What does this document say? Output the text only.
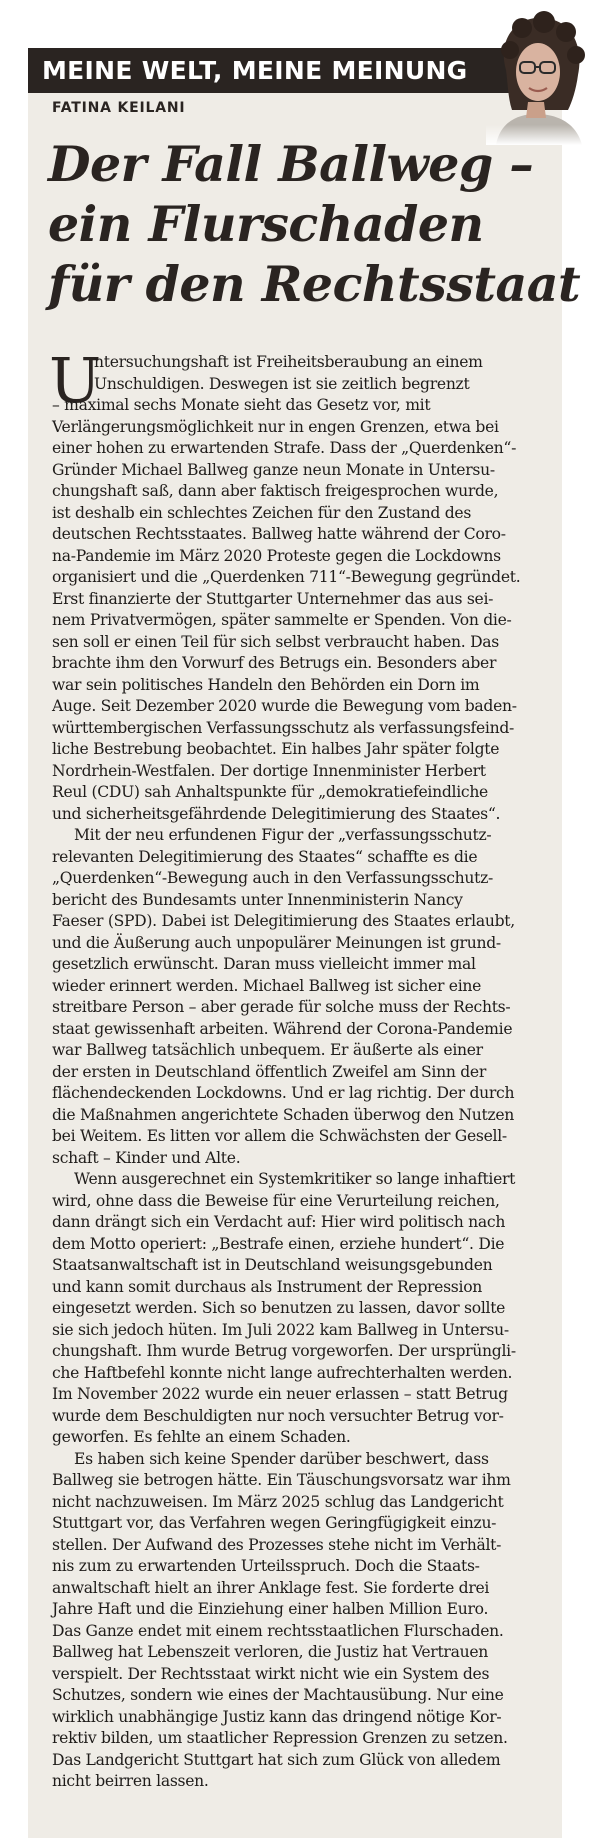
MEINE WELT, MEINE MEINUNG
FATINA KEILANI
Der Fall Ballweg –
ein Flurschaden
für den Rechtsstaat
U
ntersuchungshaft ist Freiheitsberaubung an einem
Unschuldigen. Deswegen ist sie zeitlich begrenzt
– maximal sechs Monate sieht das Gesetz vor, mit
Verlängerungsmöglichkeit nur in engen Grenzen, etwa bei
einer hohen zu erwartenden Strafe. Dass der „Querdenken“-
Gründer Michael Ballweg ganze neun Monate in Untersu-
chungshaft saß, dann aber faktisch freigesprochen wurde,
ist deshalb ein schlechtes Zeichen für den Zustand des
deutschen Rechtsstaates. Ballweg hatte während der Coro-
na-Pandemie im März 2020 Proteste gegen die Lockdowns
organisiert und die „Querdenken 711“-Bewegung gegründet.
Erst finanzierte der Stuttgarter Unternehmer das aus sei-
nem Privatvermögen, später sammelte er Spenden. Von die-
sen soll er einen Teil für sich selbst verbraucht haben. Das
brachte ihm den Vorwurf des Betrugs ein. Besonders aber
war sein politisches Handeln den Behörden ein Dorn im
Auge. Seit Dezember 2020 wurde die Bewegung vom baden-
württembergischen Verfassungsschutz als verfassungsfeind-
liche Bestrebung beobachtet. Ein halbes Jahr später folgte
Nordrhein-Westfalen. Der dortige Innenminister Herbert
Reul (CDU) sah Anhaltspunkte für „demokratiefeindliche
und sicherheitsgefährdende Delegitimierung des Staates“.
Mit der neu erfundenen Figur der „verfassungsschutz-
relevanten Delegitimierung des Staates“ schaffte es die
„Querdenken“-Bewegung auch in den Verfassungsschutz-
bericht des Bundesamts unter Innenministerin Nancy
Faeser (SPD). Dabei ist Delegitimierung des Staates erlaubt,
und die Äußerung auch unpopulärer Meinungen ist grund-
gesetzlich erwünscht. Daran muss vielleicht immer mal
wieder erinnert werden. Michael Ballweg ist sicher eine
streitbare Person – aber gerade für solche muss der Rechts-
staat gewissenhaft arbeiten. Während der Corona-Pandemie
war Ballweg tatsächlich unbequem. Er äußerte als einer
der ersten in Deutschland öffentlich Zweifel am Sinn der
flächendeckenden Lockdowns. Und er lag richtig. Der durch
die Maßnahmen angerichtete Schaden überwog den Nutzen
bei Weitem. Es litten vor allem die Schwächsten der Gesell-
schaft – Kinder und Alte.
Wenn ausgerechnet ein Systemkritiker so lange inhaftiert
wird, ohne dass die Beweise für eine Verurteilung reichen,
dann drängt sich ein Verdacht auf: Hier wird politisch nach
dem Motto operiert: „Bestrafe einen, erziehe hundert“. Die
Staatsanwaltschaft ist in Deutschland weisungsgebunden
und kann somit durchaus als Instrument der Repression
eingesetzt werden. Sich so benutzen zu lassen, davor sollte
sie sich jedoch hüten. Im Juli 2022 kam Ballweg in Untersu-
chungshaft. Ihm wurde Betrug vorgeworfen. Der ursprüngli-
che Haftbefehl konnte nicht lange aufrechterhalten werden.
Im November 2022 wurde ein neuer erlassen – statt Betrug
wurde dem Beschuldigten nur noch versuchter Betrug vor-
geworfen. Es fehlte an einem Schaden.
Es haben sich keine Spender darüber beschwert, dass
Ballweg sie betrogen hätte. Ein Täuschungsvorsatz war ihm
nicht nachzuweisen. Im März 2025 schlug das Landgericht
Stuttgart vor, das Verfahren wegen Geringfügigkeit einzu-
stellen. Der Aufwand des Prozesses stehe nicht im Verhält-
nis zum zu erwartenden Urteilsspruch. Doch die Staats-
anwaltschaft hielt an ihrer Anklage fest. Sie forderte drei
Jahre Haft und die Einziehung einer halben Million Euro.
Das Ganze endet mit einem rechtsstaatlichen Flurschaden.
Ballweg hat Lebenszeit verloren, die Justiz hat Vertrauen
verspielt. Der Rechtsstaat wirkt nicht wie ein System des
Schutzes, sondern wie eines der Machtausübung. Nur eine
wirklich unabhängige Justiz kann das dringend nötige Kor-
rektiv bilden, um staatlicher Repression Grenzen zu setzen.
Das Landgericht Stuttgart hat sich zum Glück von alledem
nicht beirren lassen.
